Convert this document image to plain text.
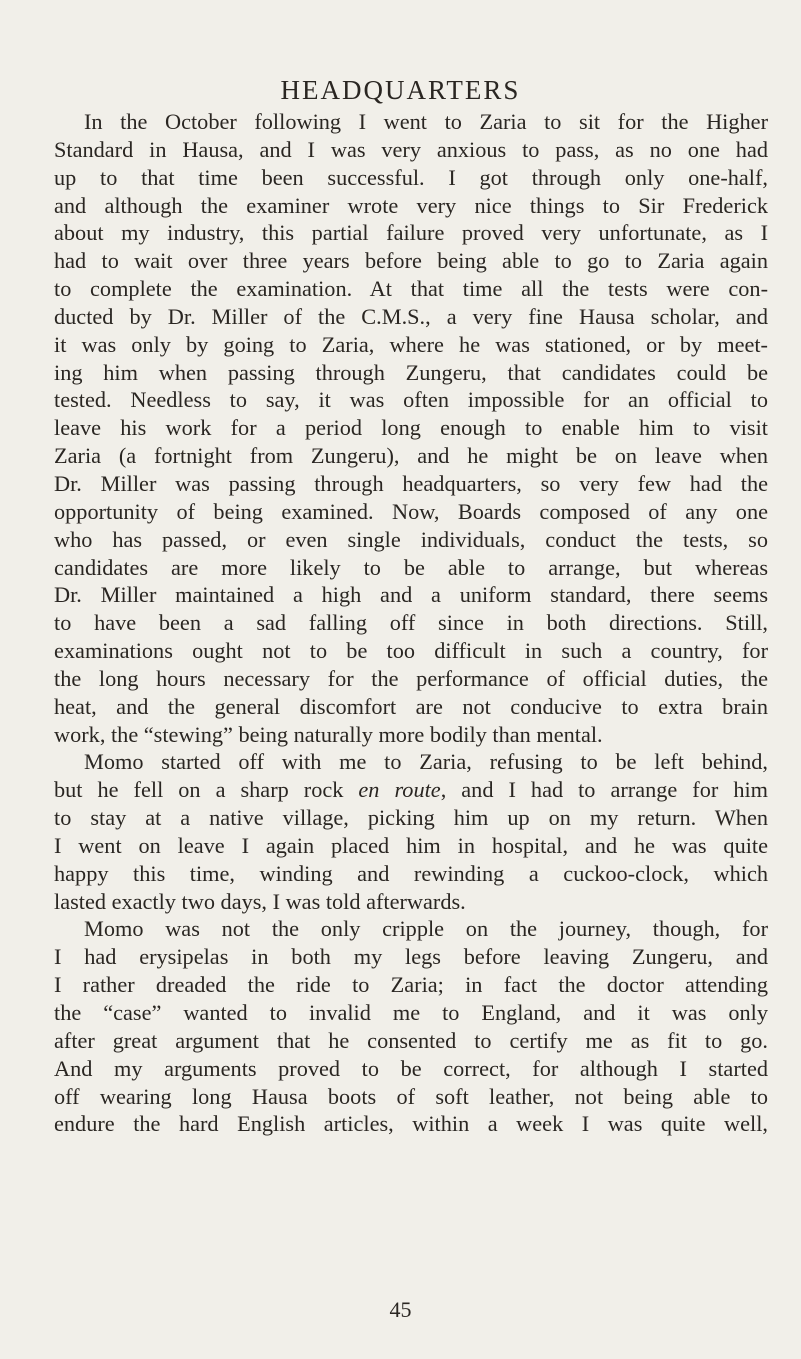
HEADQUARTERS
In the October following I went to Zaria to sit for the Higher
Standard in Hausa, and I was very anxious to pass, as no one had
up to that time been successful. I got through only one-half,
and although the examiner wrote very nice things to Sir Frederick
about my industry, this partial failure proved very unfortunate, as I
had to wait over three years before being able to go to Zaria again
to complete the examination. At that time all the tests were con-
ducted by Dr. Miller of the C.M.S., a very fine Hausa scholar, and
it was only by going to Zaria, where he was stationed, or by meet-
ing him when passing through Zungeru, that candidates could be
tested. Needless to say, it was often impossible for an official to
leave his work for a period long enough to enable him to visit
Zaria (a fortnight from Zungeru), and he might be on leave when
Dr. Miller was passing through headquarters, so very few had the
opportunity of being examined. Now, Boards composed of any one
who has passed, or even single individuals, conduct the tests, so
candidates are more likely to be able to arrange, but whereas
Dr. Miller maintained a high and a uniform standard, there seems
to have been a sad falling off since in both directions. Still,
examinations ought not to be too difficult in such a country, for
the long hours necessary for the performance of official duties, the
heat, and the general discomfort are not conducive to extra brain
work, the “stewing” being naturally more bodily than mental.
Momo started off with me to Zaria, refusing to be left behind,
but he fell on a sharp rock en route, and I had to arrange for him
to stay at a native village, picking him up on my return. When
I went on leave I again placed him in hospital, and he was quite
happy this time, winding and rewinding a cuckoo-clock, which
lasted exactly two days, I was told afterwards.
Momo was not the only cripple on the journey, though, for
I had erysipelas in both my legs before leaving Zungeru, and
I rather dreaded the ride to Zaria; in fact the doctor attending
the “case” wanted to invalid me to England, and it was only
after great argument that he consented to certify me as fit to go.
And my arguments proved to be correct, for although I started
off wearing long Hausa boots of soft leather, not being able to
endure the hard English articles, within a week I was quite well,
45
